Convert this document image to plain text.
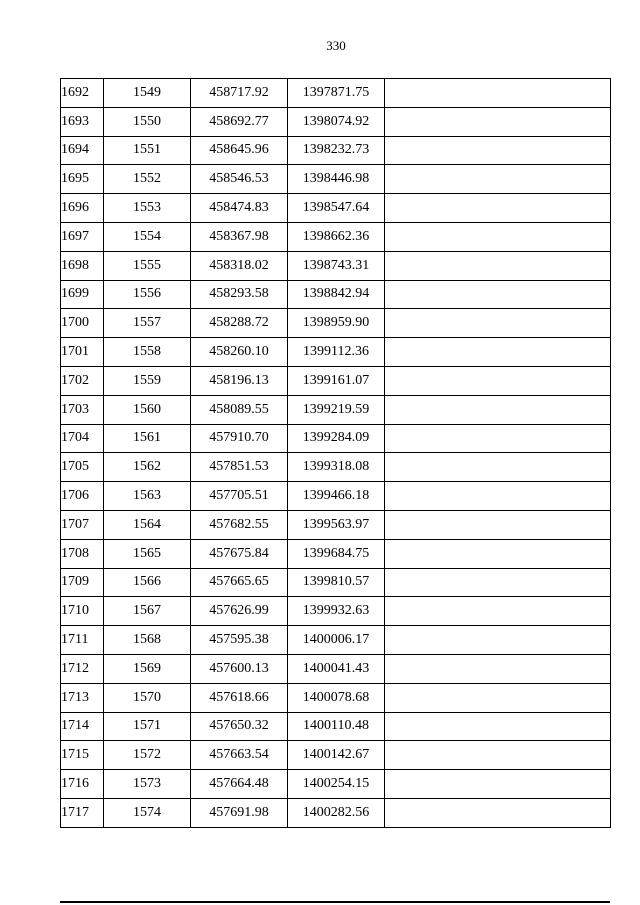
330
1692	1549	458717.92	1397871.75	
1693	1550	458692.77	1398074.92	
1694	1551	458645.96	1398232.73	
1695	1552	458546.53	1398446.98	
1696	1553	458474.83	1398547.64	
1697	1554	458367.98	1398662.36	
1698	1555	458318.02	1398743.31	
1699	1556	458293.58	1398842.94	
1700	1557	458288.72	1398959.90	
1701	1558	458260.10	1399112.36	
1702	1559	458196.13	1399161.07	
1703	1560	458089.55	1399219.59	
1704	1561	457910.70	1399284.09	
1705	1562	457851.53	1399318.08	
1706	1563	457705.51	1399466.18	
1707	1564	457682.55	1399563.97	
1708	1565	457675.84	1399684.75	
1709	1566	457665.65	1399810.57	
1710	1567	457626.99	1399932.63	
1711	1568	457595.38	1400006.17	
1712	1569	457600.13	1400041.43	
1713	1570	457618.66	1400078.68	
1714	1571	457650.32	1400110.48	
1715	1572	457663.54	1400142.67	
1716	1573	457664.48	1400254.15	
1717	1574	457691.98	1400282.56	
